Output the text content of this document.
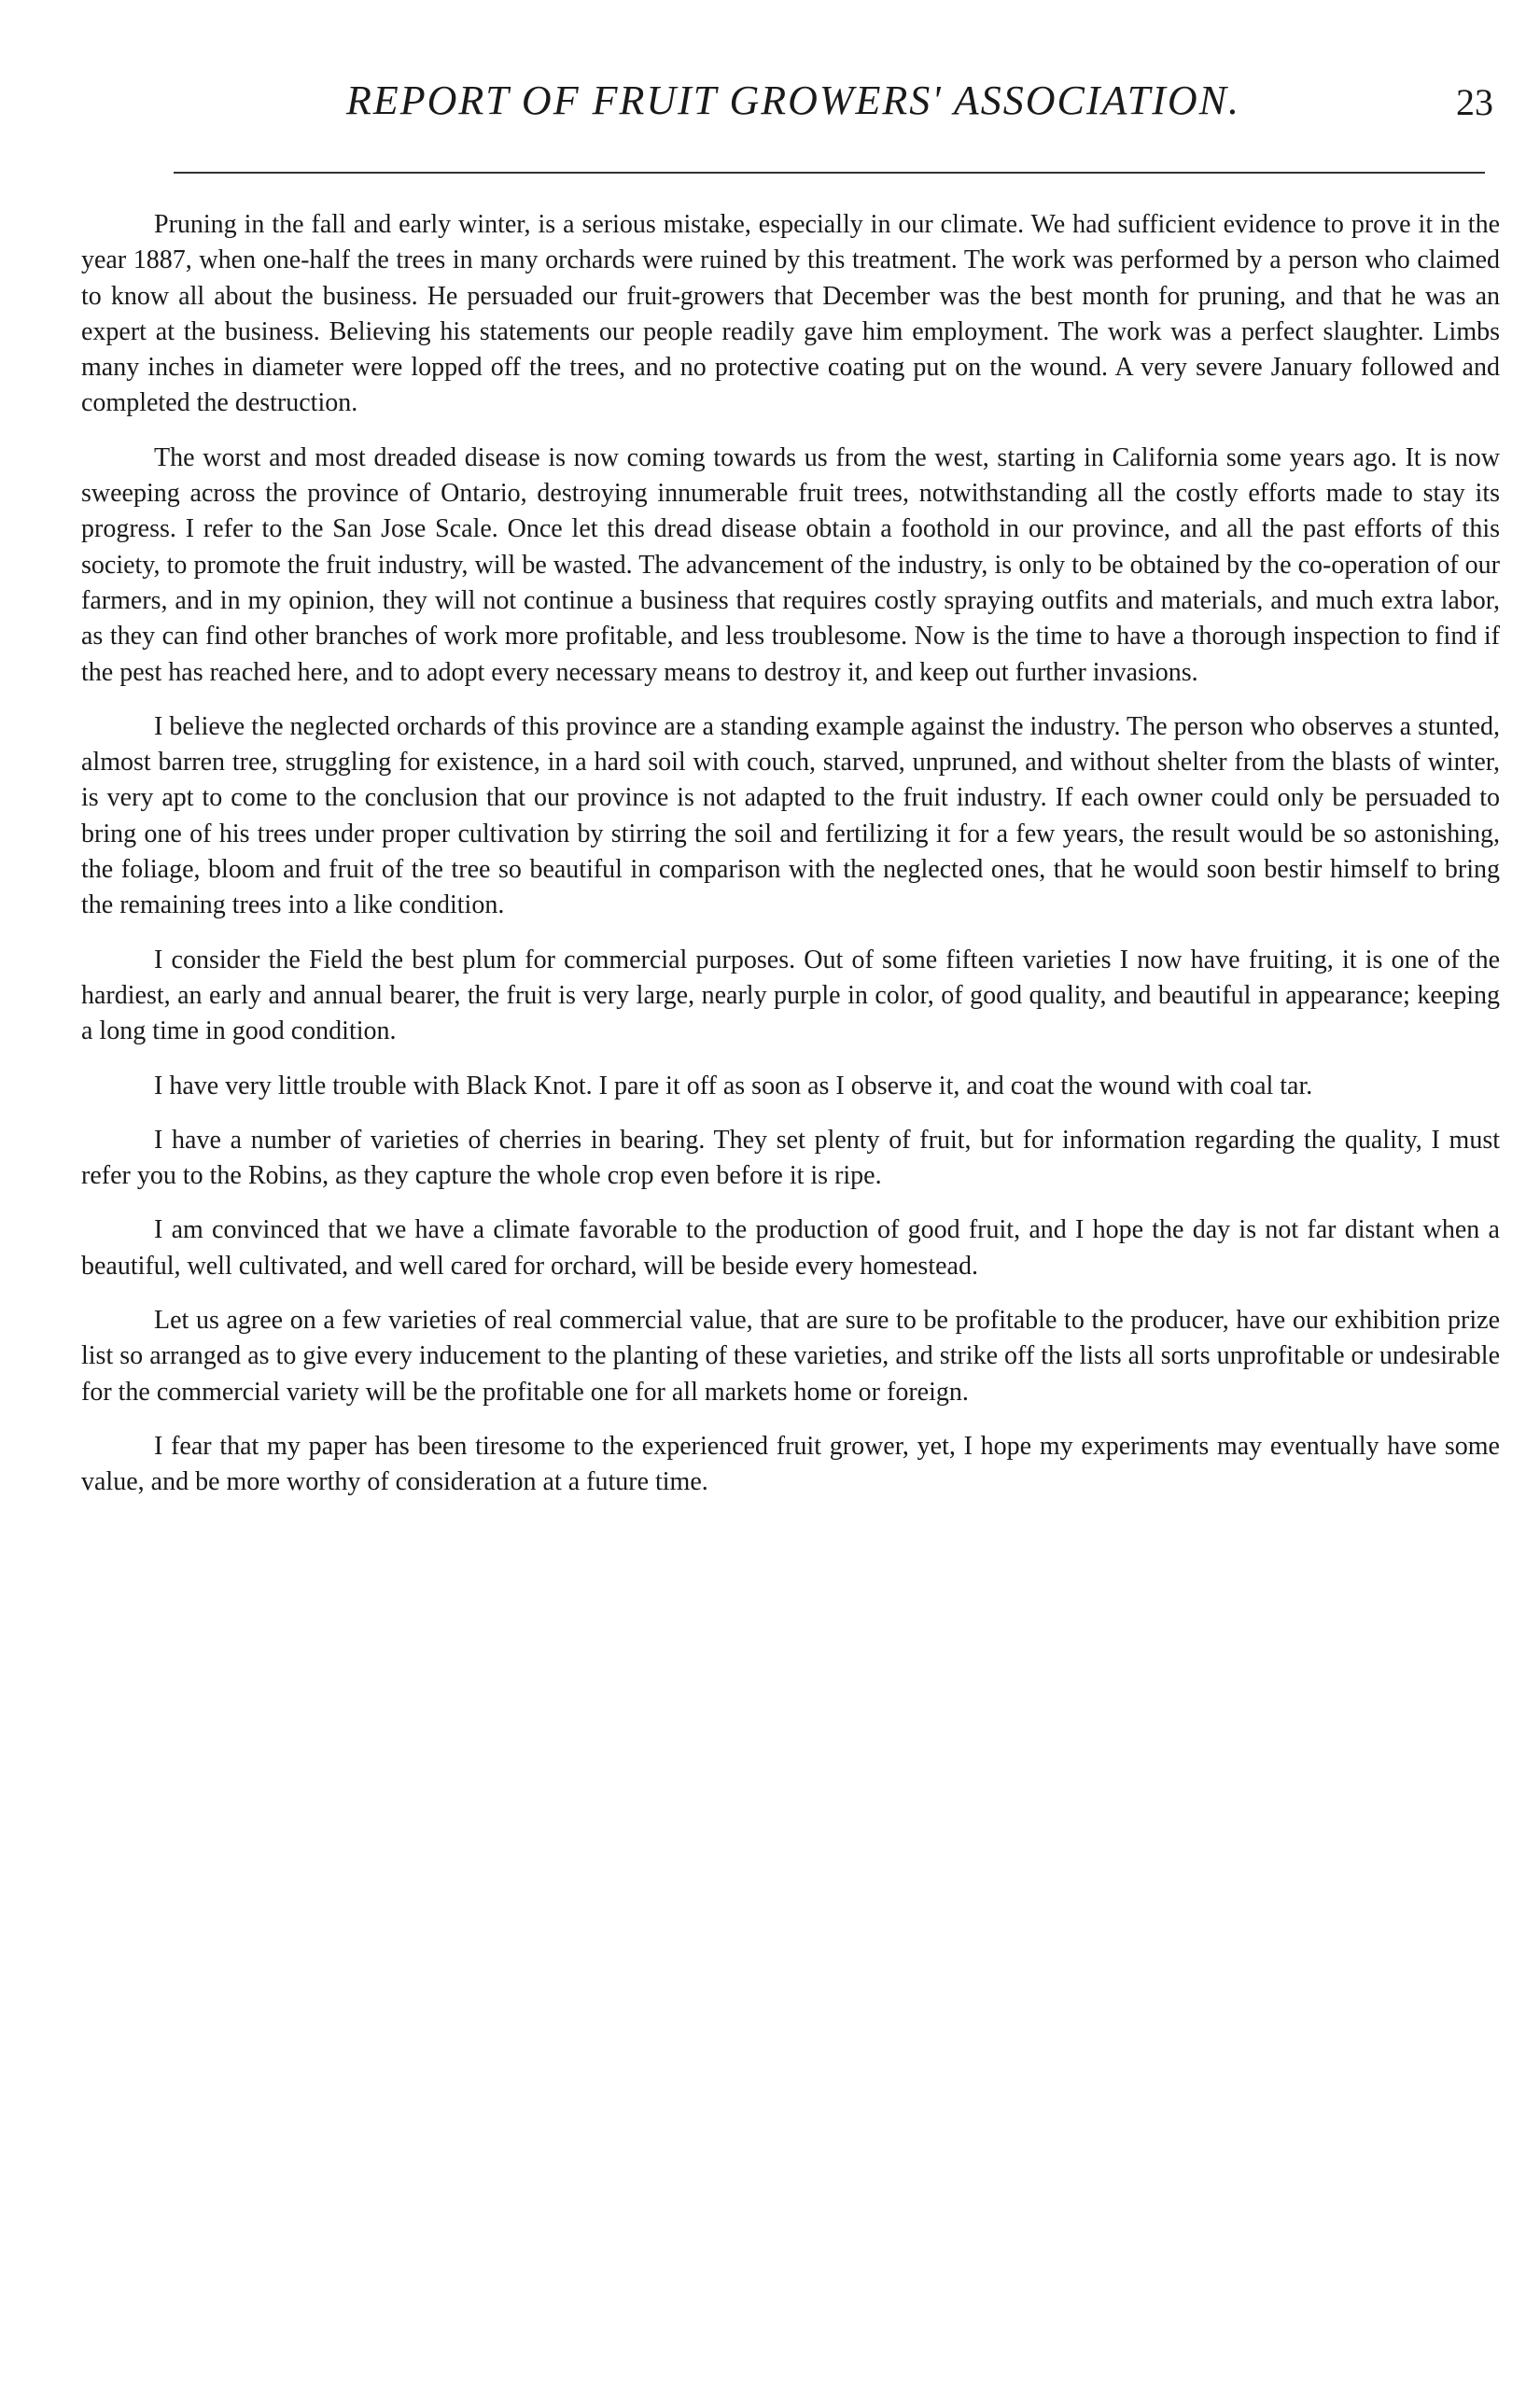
REPORT OF FRUIT GROWERS' ASSOCIATION.	23

Pruning in the fall and early winter, is a serious mistake, especially in our climate. We had sufficient evidence to prove it in the year 1887, when one-half the trees in many orchards were ruined by this treatment. The work was performed by a person who claimed to know all about the business. He persuaded our fruit-growers that December was the best month for pruning, and that he was an expert at the business. Believing his statements our people readily gave him employment. The work was a perfect slaughter. Limbs many inches in diameter were lopped off the trees, and no protective coating put on the wound. A very severe January followed and completed the destruction.

The worst and most dreaded disease is now coming towards us from the west, starting in California some years ago. It is now sweeping across the province of Ontario, destroying innumerable fruit trees, notwithstanding all the costly efforts made to stay its progress. I refer to the San Jose Scale. Once let this dread disease obtain a foothold in our province, and all the past efforts of this society, to promote the fruit industry, will be wasted. The advancement of the industry, is only to be obtained by the co-operation of our farmers, and in my opinion, they will not continue a business that requires costly spraying outfits and materials, and much extra labor, as they can find other branches of work more profitable, and less troublesome. Now is the time to have a thorough inspection to find if the pest has reached here, and to adopt every necessary means to destroy it, and keep out further invasions.

I believe the neglected orchards of this province are a standing example against the industry. The person who observes a stunted, almost barren tree, struggling for existence, in a hard soil with couch, starved, unpruned, and without shelter from the blasts of winter, is very apt to come to the conclusion that our province is not adapted to the fruit industry. If each owner could only be persuaded to bring one of his trees under proper cultivation by stirring the soil and fertilizing it for a few years, the result would be so astonishing, the foliage, bloom and fruit of the tree so beautiful in comparison with the neglected ones, that he would soon bestir himself to bring the remaining trees into a like condition.

I consider the Field the best plum for commercial purposes. Out of some fifteen varieties I now have fruiting, it is one of the hardiest, an early and annual bearer, the fruit is very large, nearly purple in color, of good quality, and beautiful in appearance; keeping a long time in good condition.

I have very little trouble with Black Knot. I pare it off as soon as I observe it, and coat the wound with coal tar.

I have a number of varieties of cherries in bearing. They set plenty of fruit, but for information regarding the quality, I must refer you to the Robins, as they capture the whole crop even before it is ripe.

I am convinced that we have a climate favorable to the production of good fruit, and I hope the day is not far distant when a beautiful, well cultivated, and well cared for orchard, will be beside every homestead.

Let us agree on a few varieties of real commercial value, that are sure to be profitable to the producer, have our exhibition prize list so arranged as to give every inducement to the planting of these varieties, and strike off the lists all sorts unprofitable or undesirable for the commercial variety will be the profitable one for all markets home or foreign.

I fear that my paper has been tiresome to the experienced fruit grower, yet, I hope my experiments may eventually have some value, and be more worthy of consideration at a future time.
